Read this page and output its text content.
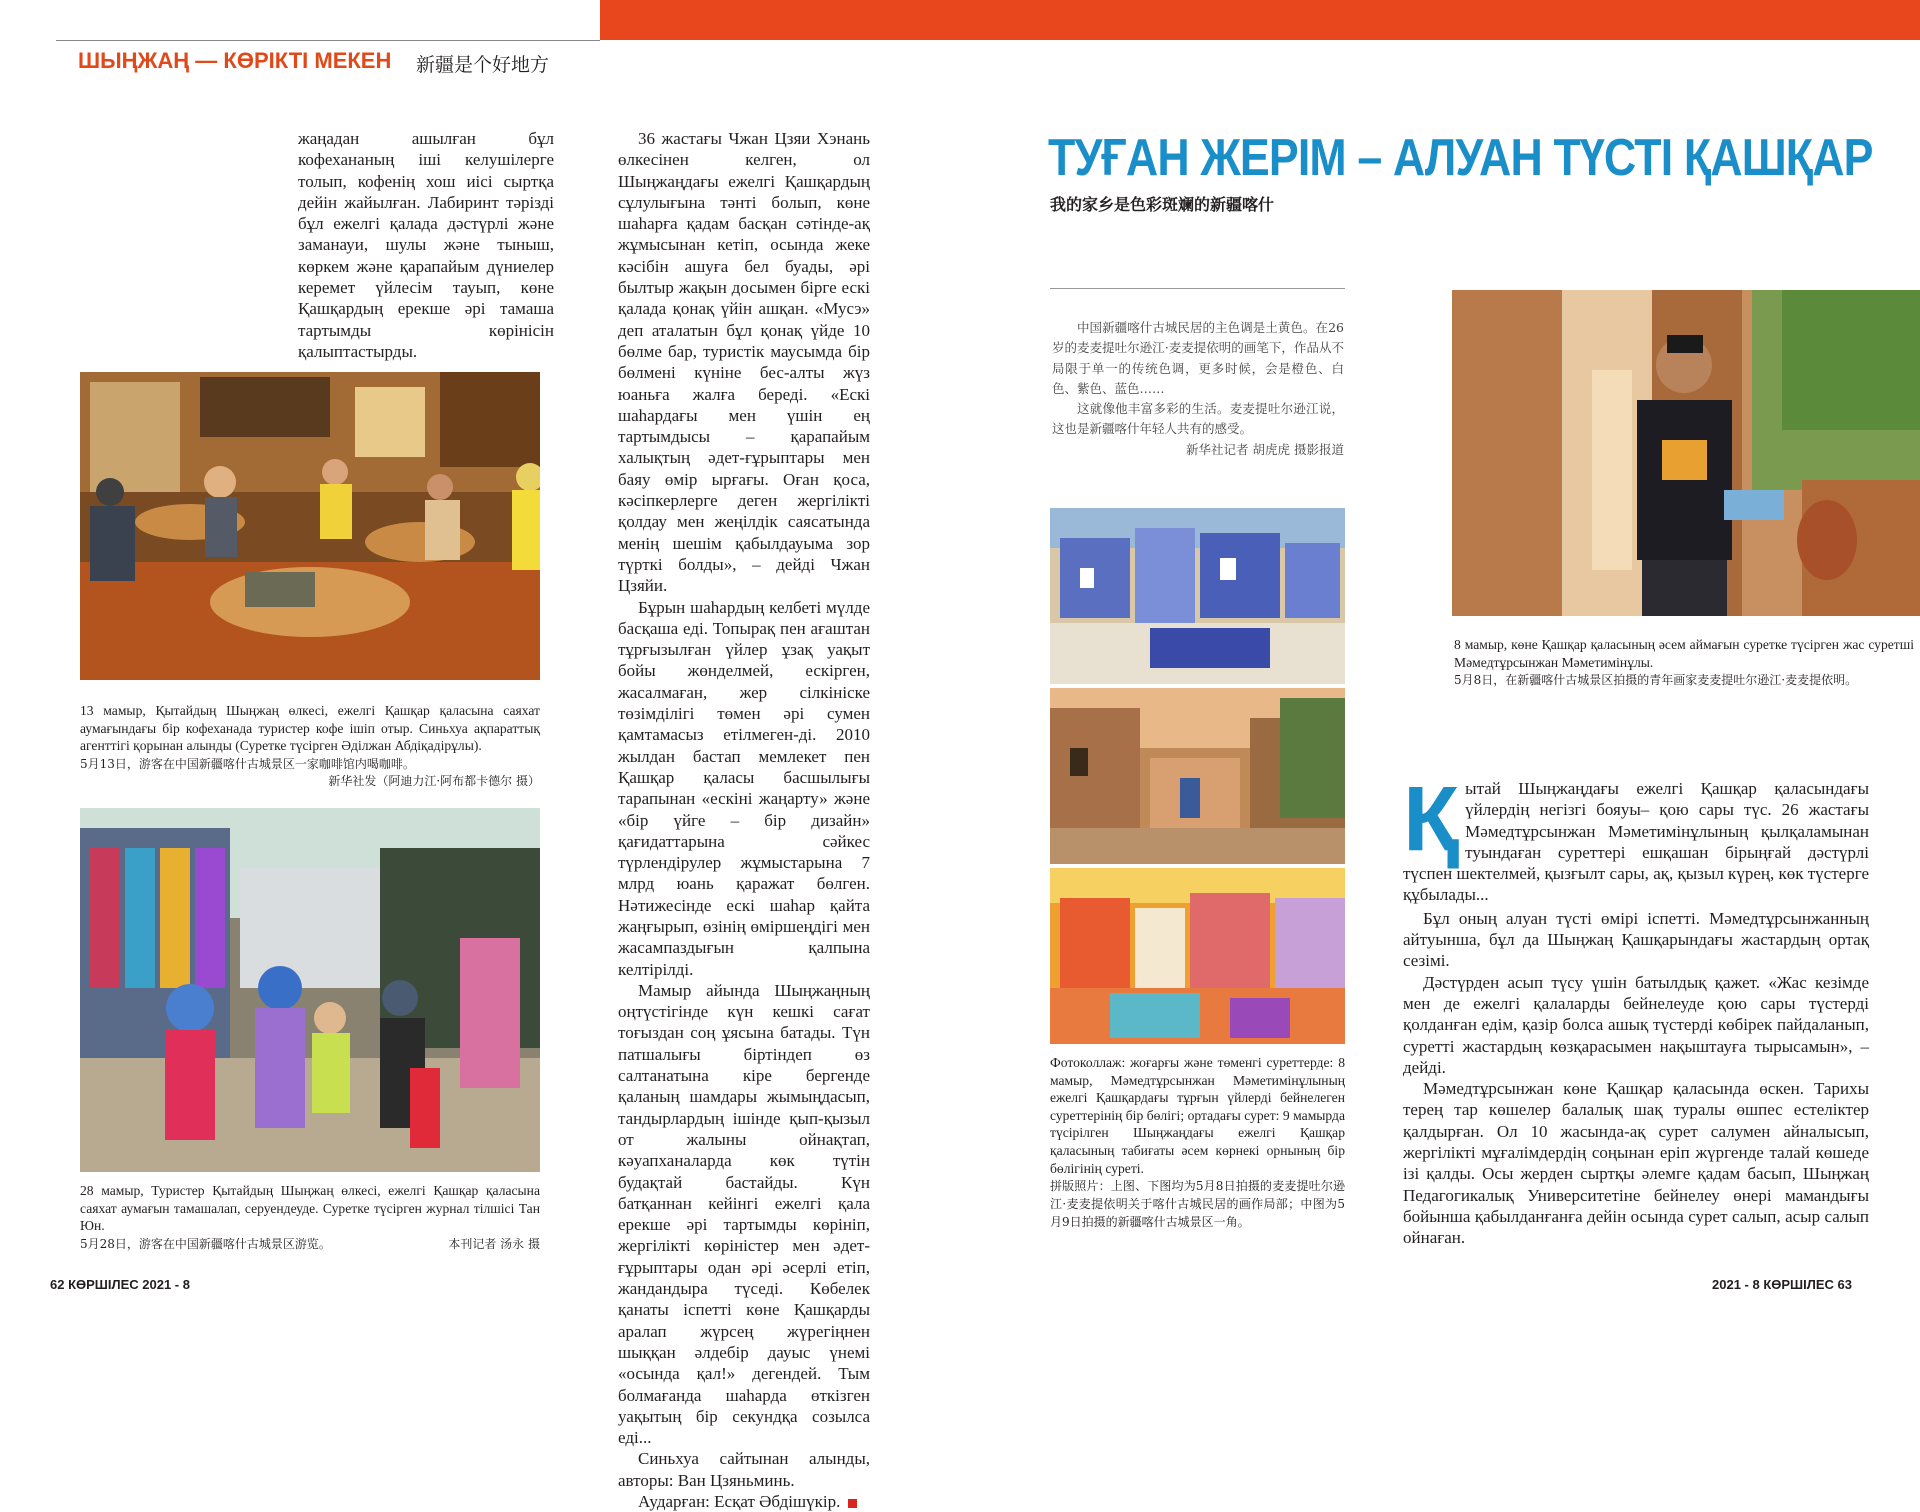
ШЫҢЖАҢ — КӨРІКТІ МЕКЕН 新疆是个好地方

жаңадан ашылған бұл кофехананың іші келушілерге толып, кофенің хош иісі сыртқа дейін жайылған. Лабиринт тәрізді бұл ежелгі қалада дәстүрлі және заманауи, шулы және тыныш, көркем және қарапайым дүниелер керемет үйлесім тауып, көне Қашқардың ерекше әрі тамаша тартымды көрінісін қалыптастырды.

13 мамыр, Қытайдың Шыңжаң өлкесі, ежелгі Қашқар қаласына саяхат аумағындағы бір кофеханада туристер кофе ішіп отыр. Синьхуа ақпараттық агенттігі қорынан алынды (Суретке түсірген Әділжан Абдіқадірұлы).

5月13日，游客在中国新疆喀什古城景区一家咖啡馆内喝咖啡。

新华社发（阿迪力江·阿布都卡德尔 摄）

28 мамыр, Туристер Қытайдың Шыңжаң өлкесі, ежелгі Қашқар қаласына саяхат аумағын тамашалап, серуендеуде. Суретке түсірген журнал тілшісі Тан Юн.

5月28日，游客在中国新疆喀什古城景区游览。	本刊记者 汤永 摄

36 жастағы Чжан Цзяи Хэнань өлкесінен келген, ол Шыңжаңдағы ежелгі Қашқардың сұлулығына тәнті болып, көне шаһарға қадам басқан сәтінде-ақ жұмысынан кетіп, осында жеке кәсібін ашуға бел буады, әрі былтыр жақын досымен бірге ескі қалада қонақ үйін ашқан. «Мусэ» деп аталатын бұл қонақ үйде 10 бөлме бар, туристік маусымда бір бөлмені күніне бес-алты жүз юаньға жалға береді. «Ескі шаһардағы мен үшін ең тартымдысы – қарапайым халықтың әдет-ғұрыптары мен баяу өмір ырғағы. Оған қоса, кәсіпкерлерге деген жергілікті қолдау мен жеңілдік саясатында менің шешім қабылдауыма зор түрткі болды», – дейді Чжан Цзяйи.

Бұрын шаһардың келбеті мүлде басқаша еді. Топырақ пен ағаштан тұрғызылған үйлер ұзақ уақыт бойы жөнделмей, ескірген, жасалмаған, жер сілкініске төзімділігі төмен әрі сумен қамтамасыз етілмеген-ді. 2010 жылдан бастап мемлекет пен Қашқар қаласы басшылығы тарапынан «ескіні жаңарту» және «бір үйге – бір дизайн» қағидаттарына сәйкес түрлендірулер жұмыстарына 7 млрд юань қаражат бөлген. Нәтижесінде ескі шаһар қайта жаңғырып, өзінің өміршеңдігі мен жасампаздығын қалпына келтірілді.

Мамыр айында Шыңжаңның оңтүстігінде күн кешкі сағат тоғыздан соң ұясына батады. Түн патшалығы біртіндеп өз салтанатына кіре бергенде қаланың шамдары жымыңдасып, тандырлардың ішінде қып-қызыл от жалыны ойнақтап, кәуапханаларда көк түтін будақтай бастайды. Күн батқаннан кейінгі ежелгі қала ерекше әрі тартымды көрініп, жергілікті көріністер мен әдет-ғұрыптары одан әрі әсерлі етіп, жандандыра түседі. Көбелек қанаты іспетті көне Қашқарды аралап жүрсең жүрегіңнен шыққан әлдебір дауыс үнемі «осында қал!» дегендей. Тым болмағанда шаһарда өткізген уақытың бір секундқа созылса еді...

Синьхуа сайтынан алынды, авторы: Ван Цзяньминь.

Аударған: Есқат Әбдішүкір.

62 КӨРШІЛЕС 2021 - 8
ТУҒАН ЖЕРІМ – АЛУАН ТҮСТІ ҚАШҚАР
我的家乡是色彩斑斓的新疆喀什

中国新疆喀什古城民居的主色调是土黄色。在26岁的麦麦提吐尔逊江·麦麦提依明的画笔下，作品从不局限于单一的传统色调，更多时候，会是橙色、白色、紫色、蓝色……

这就像他丰富多彩的生活。麦麦提吐尔逊江说，这也是新疆喀什年轻人共有的感受。

新华社记者 胡虎虎 摄影报道

Фотоколлаж: жоғарғы және төменгі суреттерде: 8 мамыр, Мәмедтұрсынжан Мәметимінұлының ежелгі Қашқардағы тұрғын үйлерді бейнелеген суреттерінің бір бөлігі; ортадағы сурет: 9 мамырда түсірілген Шыңжаңдағы ежелгі Қашқар қаласының табиғаты әсем көрнекі орнының бір бөлігінің суреті.

拼版照片：上图、下图均为5月8日拍摄的麦麦提吐尔逊江·麦麦提依明关于喀什古城民居的画作局部；中图为5月9日拍摄的新疆喀什古城景区一角。

8 мамыр, көне Қашқар қаласының әсем аймағын суретке түсірген жас суретші Мәмедтұрсынжан Мәметимінұлы.

5月8日，在新疆喀什古城景区拍摄的青年画家麦麦提吐尔逊江·麦麦提依明。

Қытай Шыңжаңдағы ежелгі Қашқар қаласындағы үйлердің негізгі бояуы– қою сары түс. 26 жастағы Мәмедтұрсынжан Мәметимінұлының қылқаламынан туындаған суреттері ешқашан бірыңғай дәстүрлі түспен шектелмей, қызғылт сары, ақ, қызыл күрең, көк түстерге құбылады...

Бұл оның алуан түсті өмірі іспетті. Мәмедтұрсынжанның айтуынша, бұл да Шыңжаң Қашқарындағы жастардың ортақ сезімі.

Дәстүрден асып түсу үшін батылдық қажет. «Жас кезімде мен де ежелгі қалаларды бейнелеуде қою сары түстерді қолданған едім, қазір болса ашық түстерді көбірек пайдаланып, суретті жастардың көзқарасымен нақыштауға тырысамын», – дейді.

Мәмедтұрсынжан көне Қашқар қаласында өскен. Тарихы терең тар көшелер балалық шақ туралы өшпес естеліктер қалдырған. Ол 10 жасында-ақ сурет салумен айналысып, жергілікті мұғалімдердің соңынан еріп жүргенде талай көшеде ізі қалды. Осы жерден сыртқы әлемге қадам басып, Шыңжаң Педагогикалық Университетіне бейнелеу өнері мамандығы бойынша қабылданғанға дейін осында сурет салып, асыр салып ойнаған.

2021 - 8 КӨРШІЛЕС 63
